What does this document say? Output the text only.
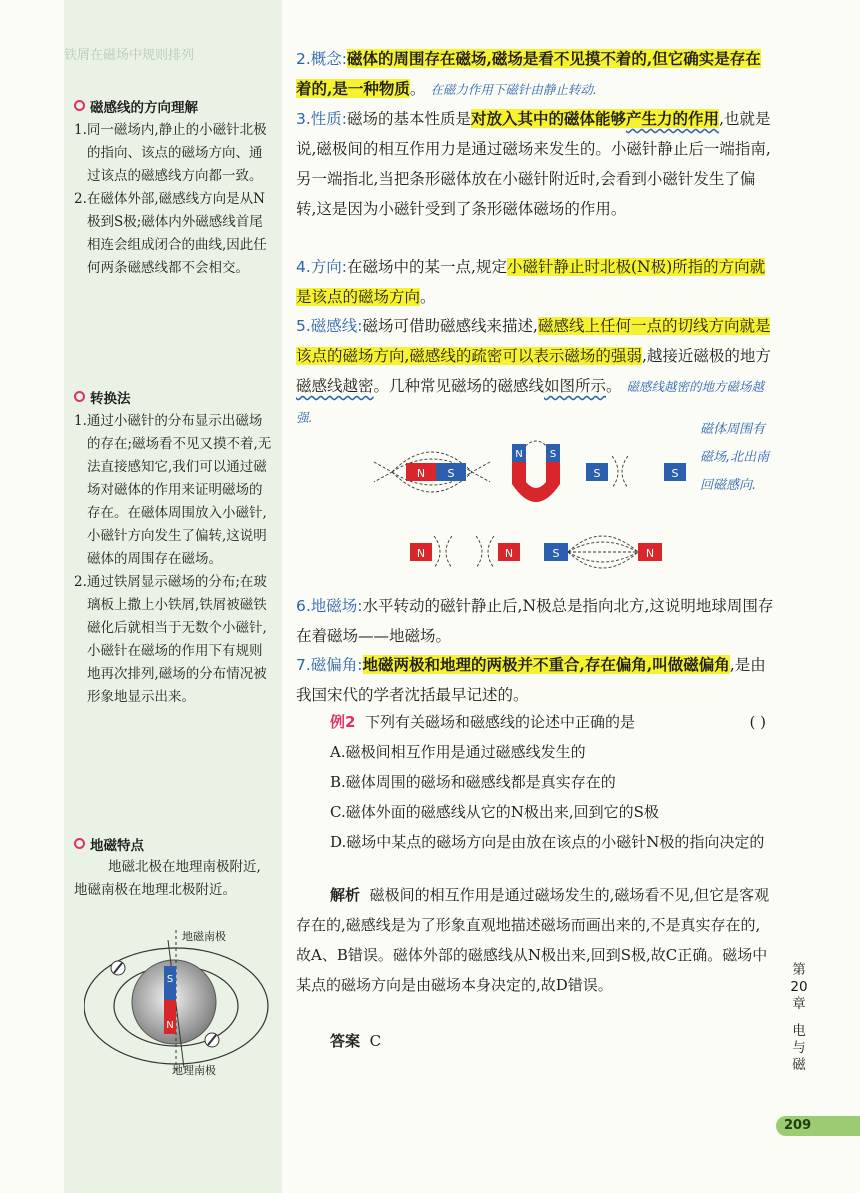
铁屑在磁场中规则排列
磁感线的方向理解
1.同一磁场内,静止的小磁针北极的指向、该点的磁场方向、通过该点的磁感线方向都一致。
2.在磁体外部,磁感线方向是从N极到S极;磁体内外磁感线首尾相连会组成闭合的曲线,因此任何两条磁感线都不会相交。
转换法
1.通过小磁针的分布显示出磁场的存在;磁场看不见又摸不着,无法直接感知它,我们可以通过磁场对磁体的作用来证明磁场的存在。在磁体周围放入小磁针,小磁针方向发生了偏转,这说明磁体的周围存在磁场。
2.通过铁屑显示磁场的分布;在玻璃板上撒上小铁屑,铁屑被磁铁磁化后就相当于无数个小磁针,小磁针在磁场的作用下有规则地再次排列,磁场的分布情况被形象地显示出来。
地磁特点

地磁北极在地理南极附近,地磁南极在地理北极附近。

S
N
地磁南极
地理南极
2.概念:磁体的周围存在磁场,磁场是看不见摸不着的,但它确实是存在着的,是一种物质。 在磁力作用下磁针由静止转动.
3.性质:磁场的基本性质是对放入其中的磁体能够产生力的作用,也就是说,磁极间的相互作用力是通过磁场来发生的。小磁针静止后一端指南,另一端指北,当把条形磁体放在小磁针附近时,会看到小磁针发生了偏转,这是因为小磁针受到了条形磁体磁场的作用。
4.方向:在磁场中的某一点,规定小磁针静止时北极(N极)所指的方向就是该点的磁场方向。
5.磁感线:磁场可借助磁感线来描述,磁感线上任何一点的切线方向就是该点的磁场方向,磁感线的疏密可以表示磁场的强弱,越接近磁极的地方磁感线越密。几种常见磁场的磁感线如图所示。 磁感线越密的地方磁场越强.
磁体周围有磁场,北出南回磁感向.
N S
N	S
S	S
N	N	S	N
6.地磁场:水平转动的磁针静止后,N极总是指向北方,这说明地球周围存在着磁场——地磁场。
7.磁偏角:地磁两极和地理的两极并不重合,存在偏角,叫做磁偏角,是由我国宋代的学者沈括最早记述的。
例2 下列有关磁场和磁感线的论述中正确的是	( )
A.磁极间相互作用是通过磁感线发生的
B.磁体周围的磁场和磁感线都是真实存在的
C.磁体外面的磁感线从它的N极出来,回到它的S极
D.磁场中某点的磁场方向是由放在该点的小磁针N极的指向决定的
解析 磁极间的相互作用是通过磁场发生的,磁场看不见,但它是客观存在的,磁感线是为了形象直观地描述磁场而画出来的,不是真实存在的,故A、B错误。磁体外部的磁感线从N极出来,回到S极,故C正确。磁场中某点的磁场方向是由磁场本身决定的,故D错误。
答案 C
第20章
电与磁
209
